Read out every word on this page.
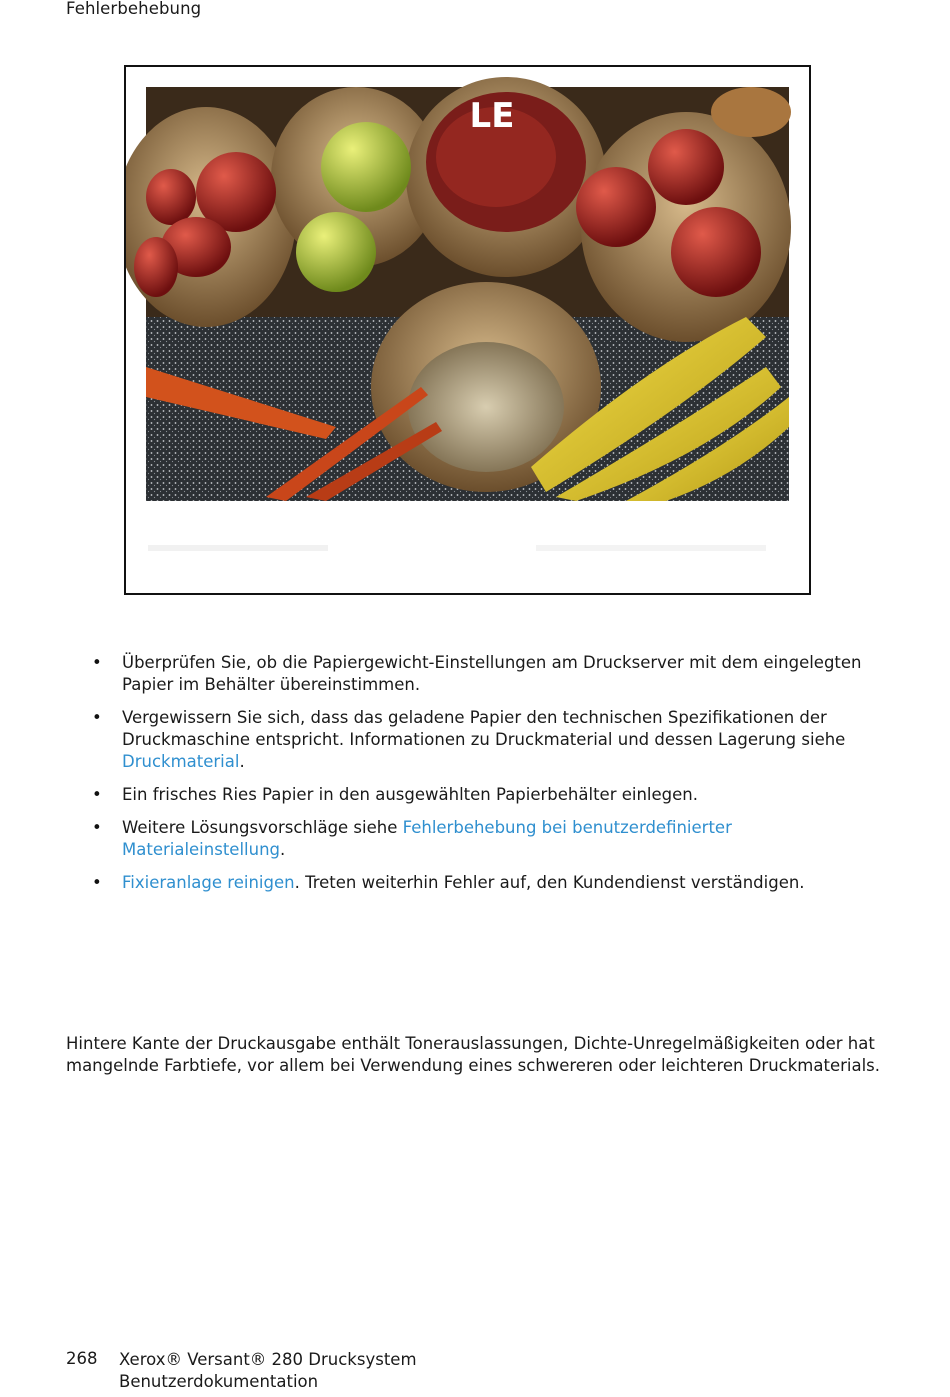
Fehlerbehebung
LE
• Überprüfen Sie, ob die Papiergewicht-Einstellungen am Druckserver mit dem eingelegten Papier im Behälter übereinstimmen.
• Vergewissern Sie sich, dass das geladene Papier den technischen Spezifikationen der Druckmaschine entspricht. Informationen zu Druckmaterial und dessen Lagerung siehe Druckmaterial.
• Ein frisches Ries Papier in den ausgewählten Papierbehälter einlegen.
• Weitere Lösungsvorschläge siehe Fehlerbehebung bei benutzerdefinierter Materialeinstellung.
• Fixieranlage reinigen. Treten weiterhin Fehler auf, den Kundendienst verständigen.

Hintere Kante der Druckausgabe enthält Tonerauslassungen, Dichte-Unregelmäßigkeiten oder hat mangelnde Farbtiefe, vor allem bei Verwendung eines schwereren oder leichteren Druckmaterials.

268 Xerox® Versant® 280 Drucksystem
Benutzerdokumentation
